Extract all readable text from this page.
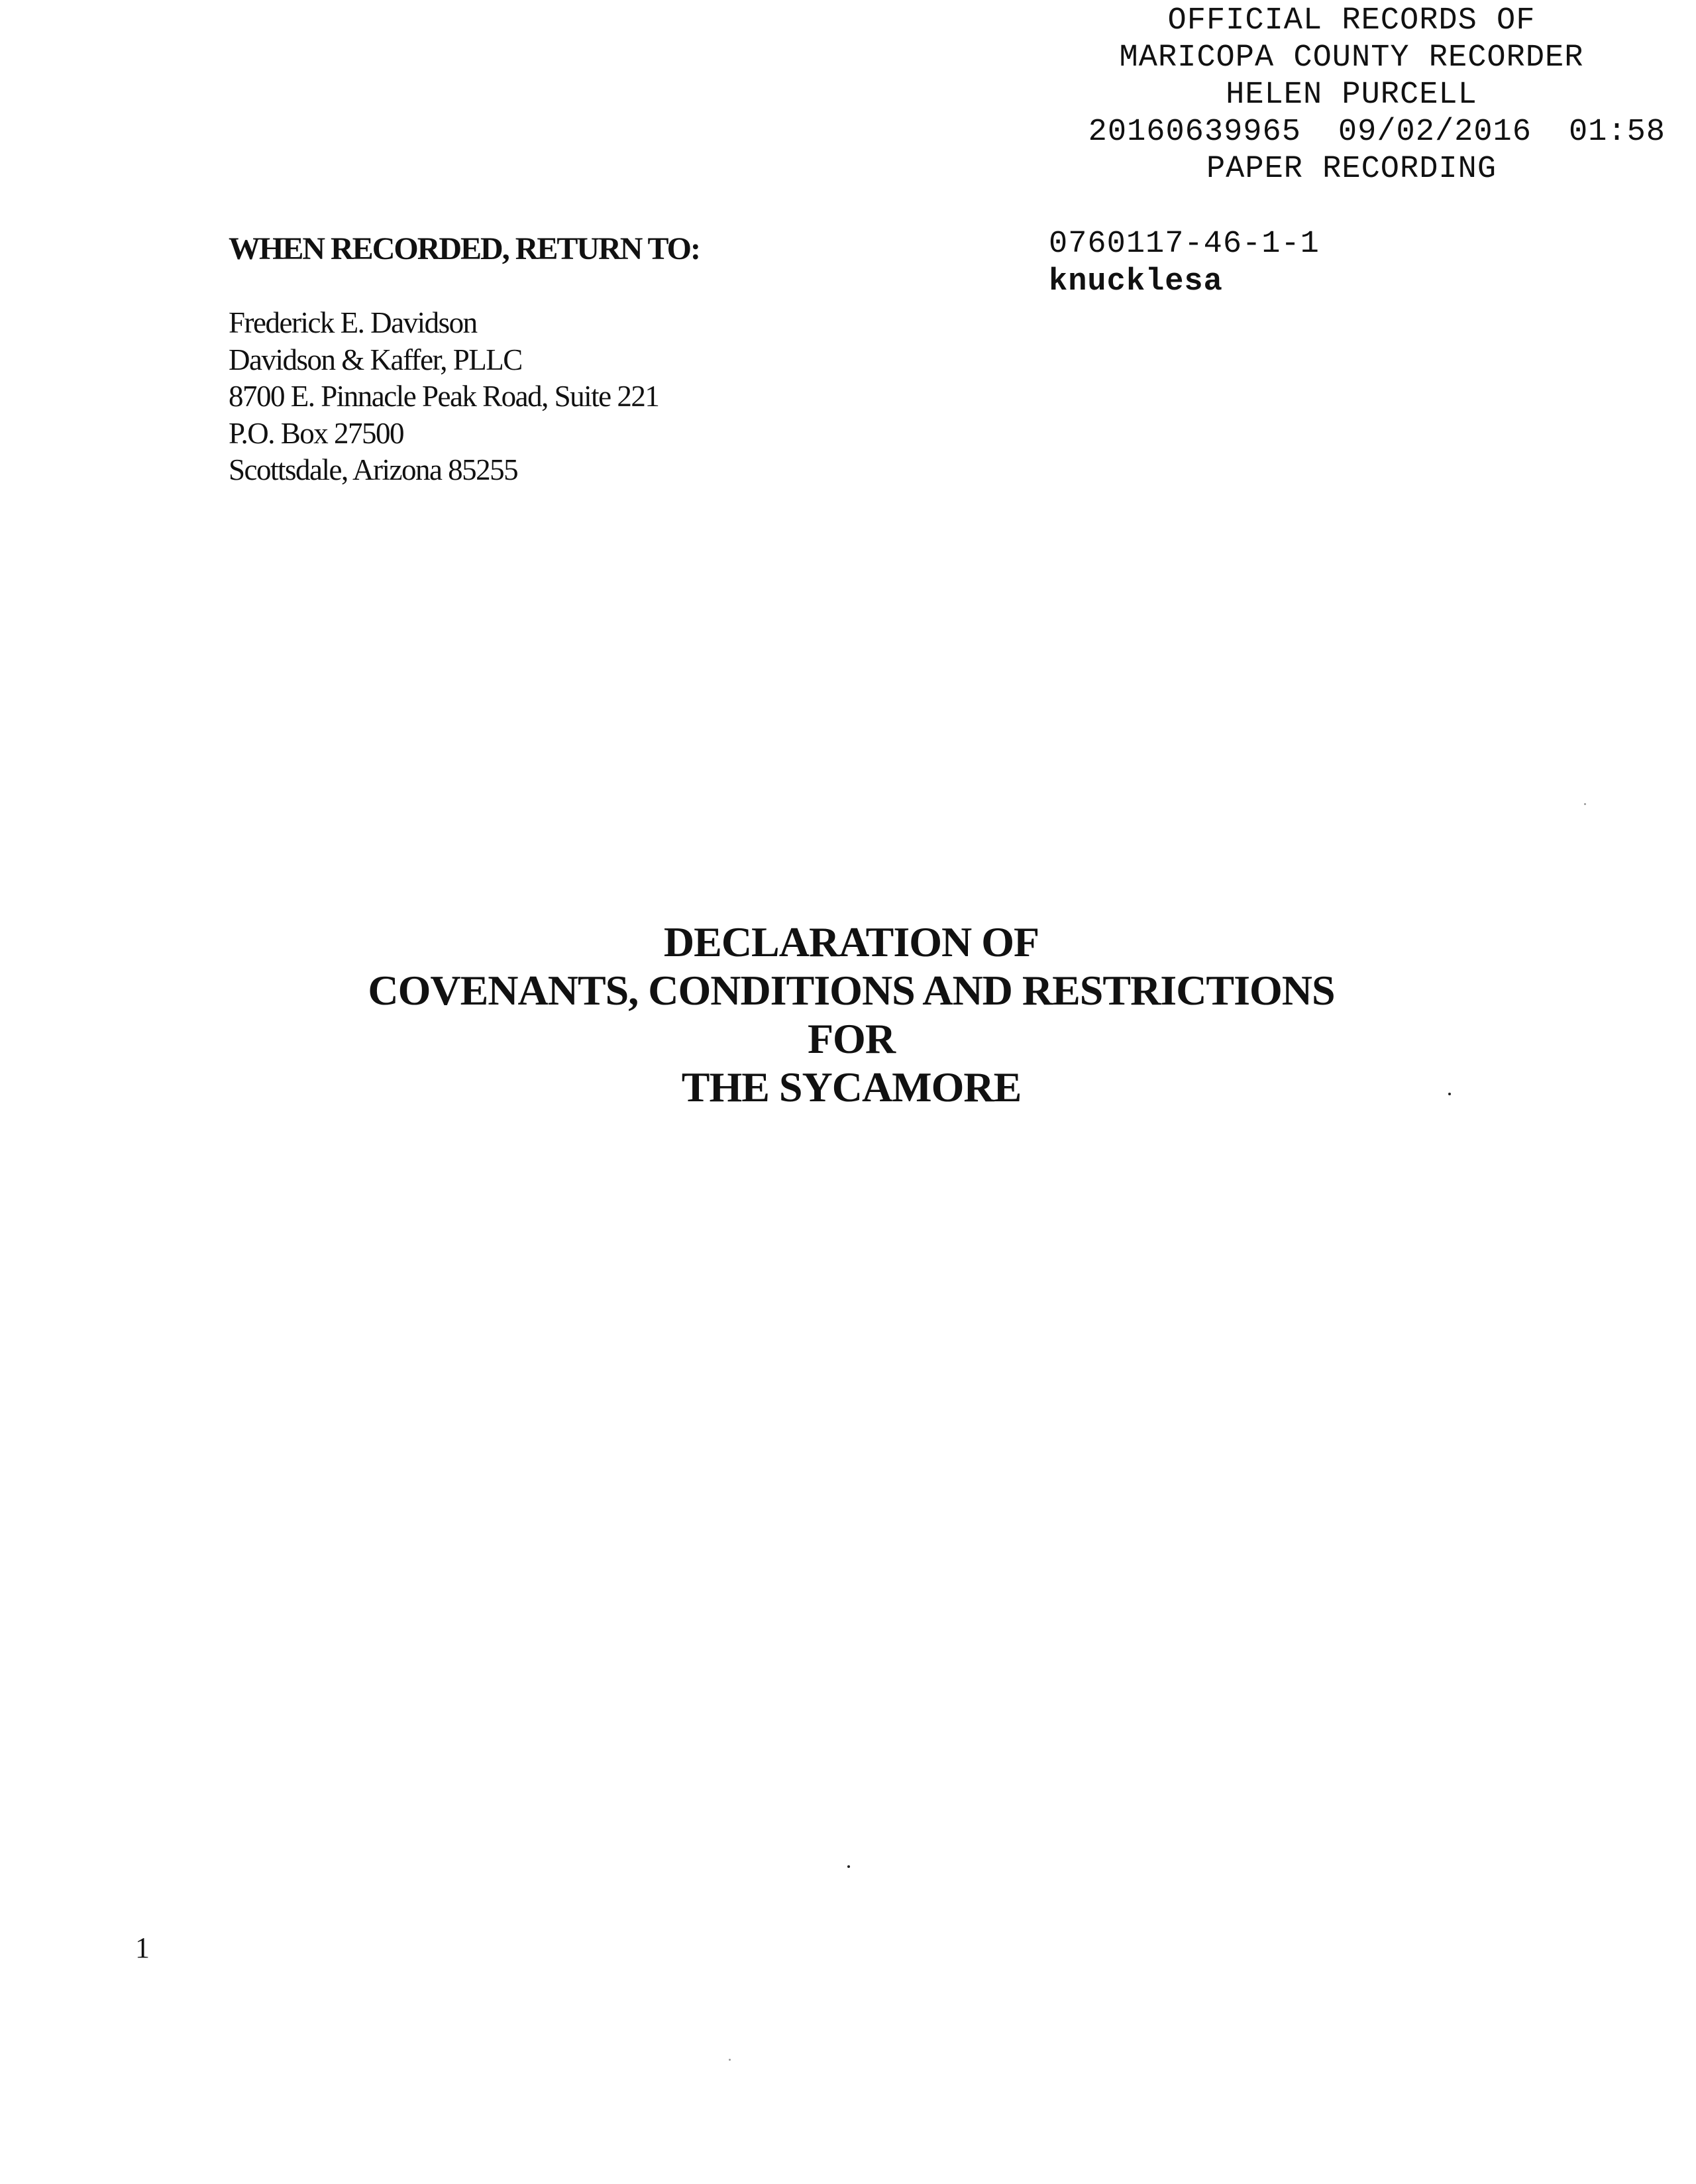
OFFICIAL RECORDS OF
MARICOPA COUNTY RECORDER
HELEN PURCELL
20160639965 09/02/2016 01:58
PAPER RECORDING
0760117-46-1-1
knucklesa
WHEN RECORDED, RETURN TO:
Frederick E. Davidson
Davidson & Kaffer, PLLC
8700 E. Pinnacle Peak Road, Suite 221
P.O. Box 27500
Scottsdale, Arizona 85255
DECLARATION OF
COVENANTS, CONDITIONS AND RESTRICTIONS
FOR
THE SYCAMORE
1
